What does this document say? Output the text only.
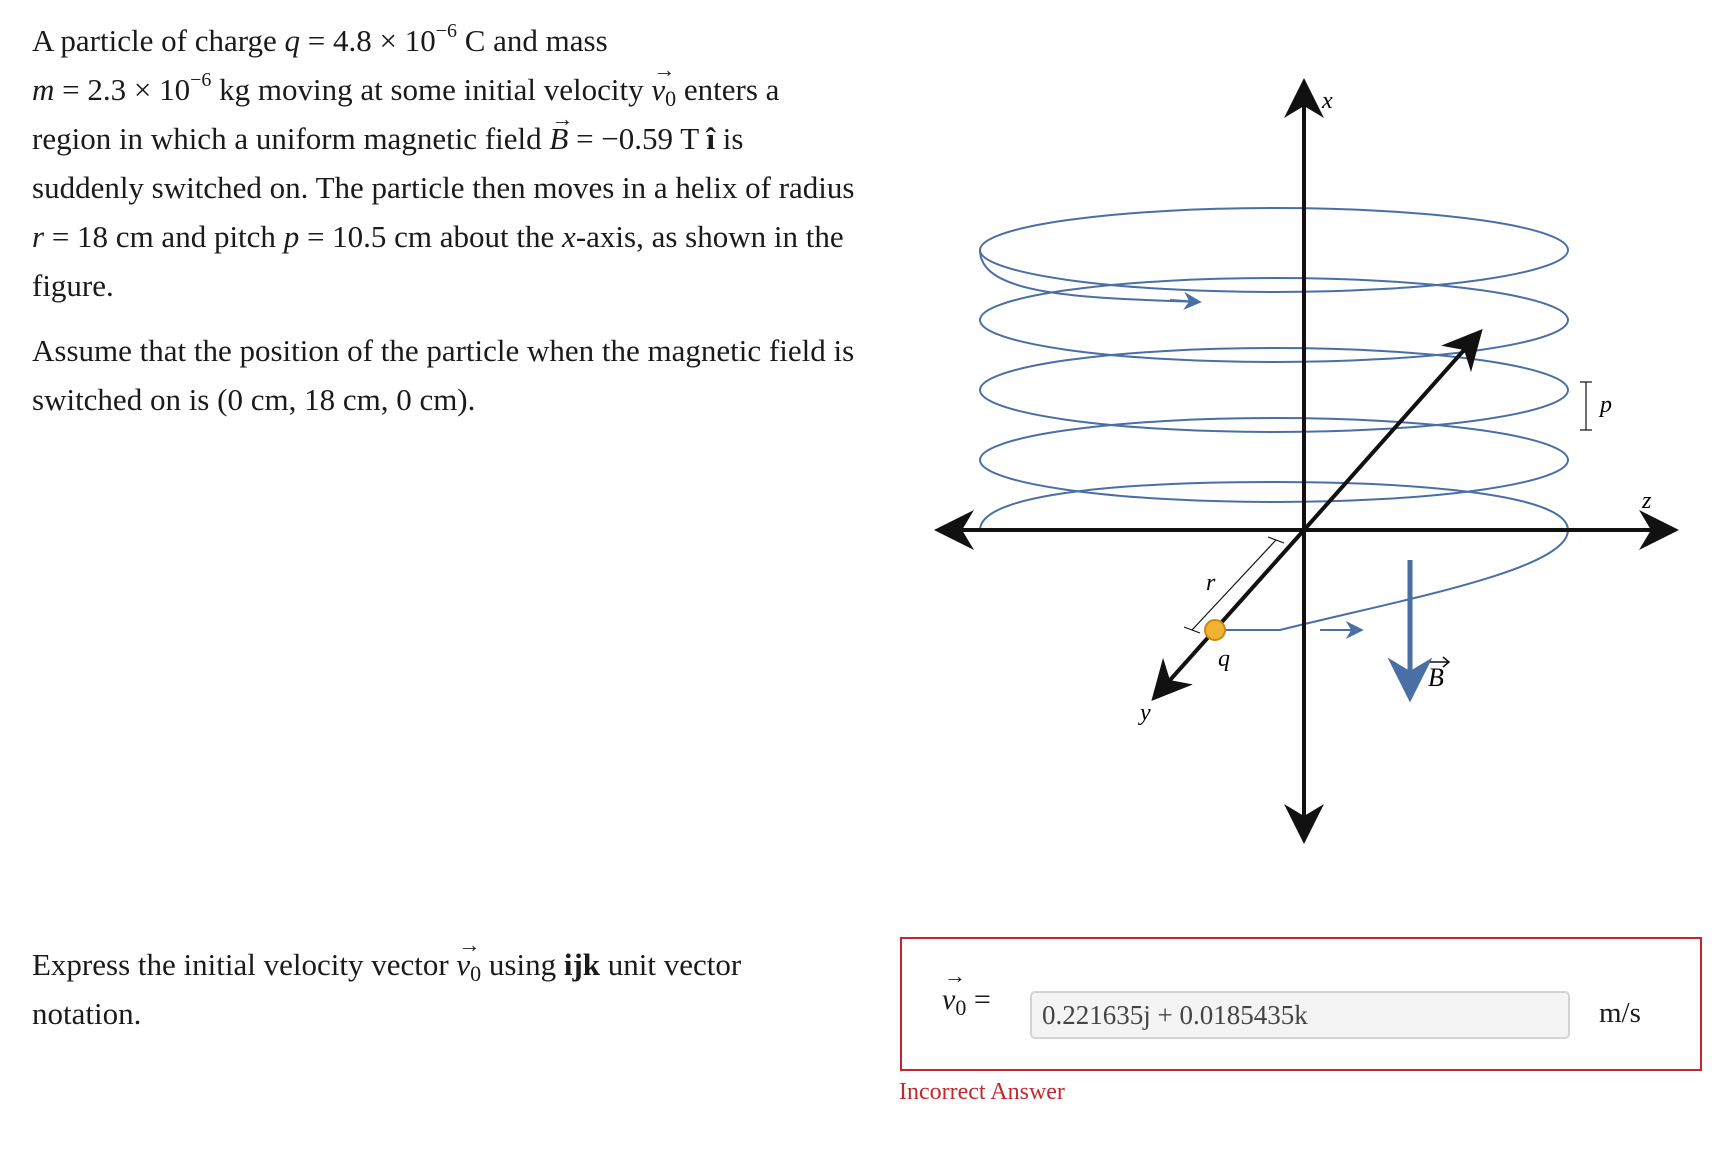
A particle of charge $q = 4.8 \times 10^{-6}$ C and mass
$m = 2.3 \times 10^{-6}$ kg moving at some initial velocity → $v_0$ enters a region in which a uniform magnetic field → B = −0.59 T î is suddenly switched on. The particle then moves in a helix of radius r = 18 cm and pitch p = 10.5 cm about the x-axis, as shown in the figure.

Assume that the position of the particle when the magnetic field is switched on is (0 cm, 18 cm, 0 cm).

x
y
z
r
p
q
B
Express the initial velocity vector → $v_0$ using ijk unit vector notation.
→	$v_0$ =	0.221635j + 0.0185435k	m/s
Incorrect Answer
